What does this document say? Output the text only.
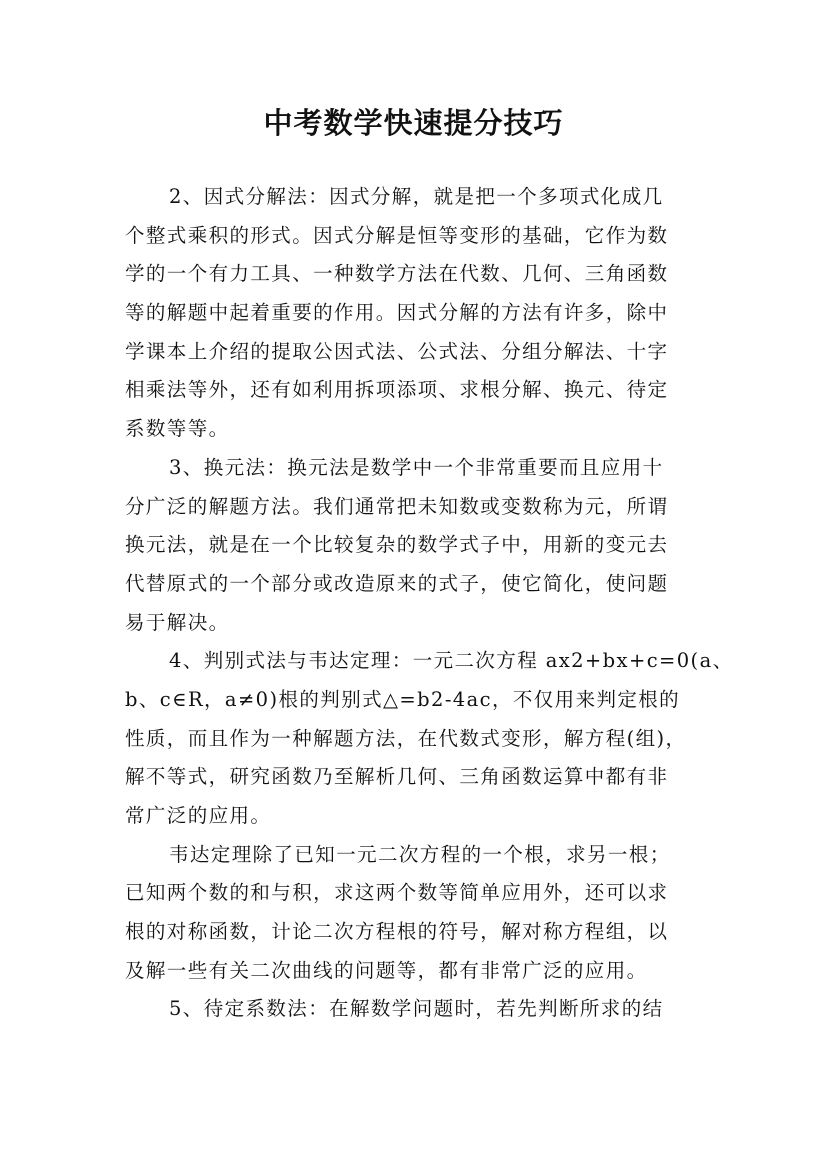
中考数学快速提分技巧
2、因式分解法：因式分解，就是把一个多项式化成几
个整式乘积的形式。因式分解是恒等变形的基础，它作为数
学的一个有力工具、一种数学方法在代数、几何、三角函数
等的解题中起着重要的作用。因式分解的方法有许多，除中
学课本上介绍的提取公因式法、公式法、分组分解法、十字
相乘法等外，还有如利用拆项添项、求根分解、换元、待定
系数等等。
3、换元法：换元法是数学中一个非常重要而且应用十
分广泛的解题方法。我们通常把未知数或变数称为元，所谓
换元法，就是在一个比较复杂的数学式子中，用新的变元去
代替原式的一个部分或改造原来的式子，使它简化，使问题
易于解决。
4、判别式法与韦达定理：一元二次方程 ax2+bx+c=0(a、
b、c∈R，a≠0)根的判别式△=b2-4ac，不仅用来判定根的
性质，而且作为一种解题方法，在代数式变形，解方程(组)，
解不等式，研究函数乃至解析几何、三角函数运算中都有非
常广泛的应用。
韦达定理除了已知一元二次方程的一个根，求另一根；
已知两个数的和与积，求这两个数等简单应用外，还可以求
根的对称函数，计论二次方程根的符号，解对称方程组，以
及解一些有关二次曲线的问题等，都有非常广泛的应用。
5、待定系数法：在解数学问题时，若先判断所求的结
